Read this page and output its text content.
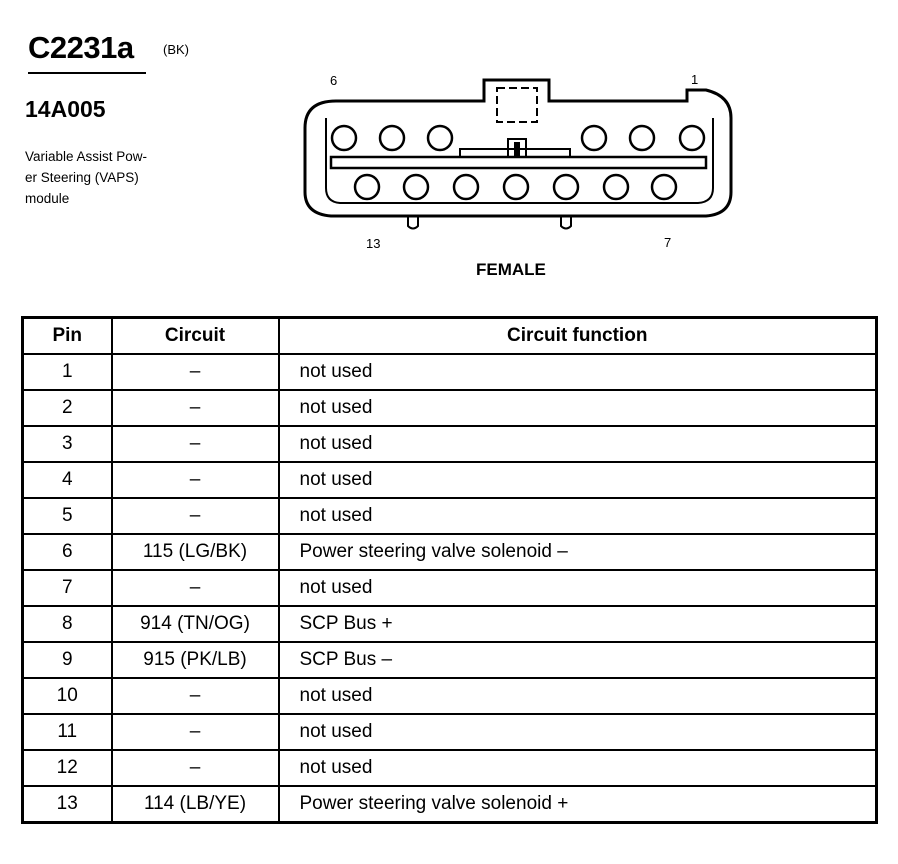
C2231a (BK)
14A005
Variable Assist Pow-
er Steering (VAPS)
module
6	1
13	7
FEMALE
Pin	Circuit	Circuit function
1	–	not used
2	–	not used
3	–	not used
4	–	not used
5	–	not used
6	115 (LG/BK)	Power steering valve solenoid –
7	–	not used
8	914 (TN/OG)	SCP Bus +
9	915 (PK/LB)	SCP Bus –
10	–	not used
11	–	not used
12	–	not used
13	114 (LB/YE)	Power steering valve solenoid +
